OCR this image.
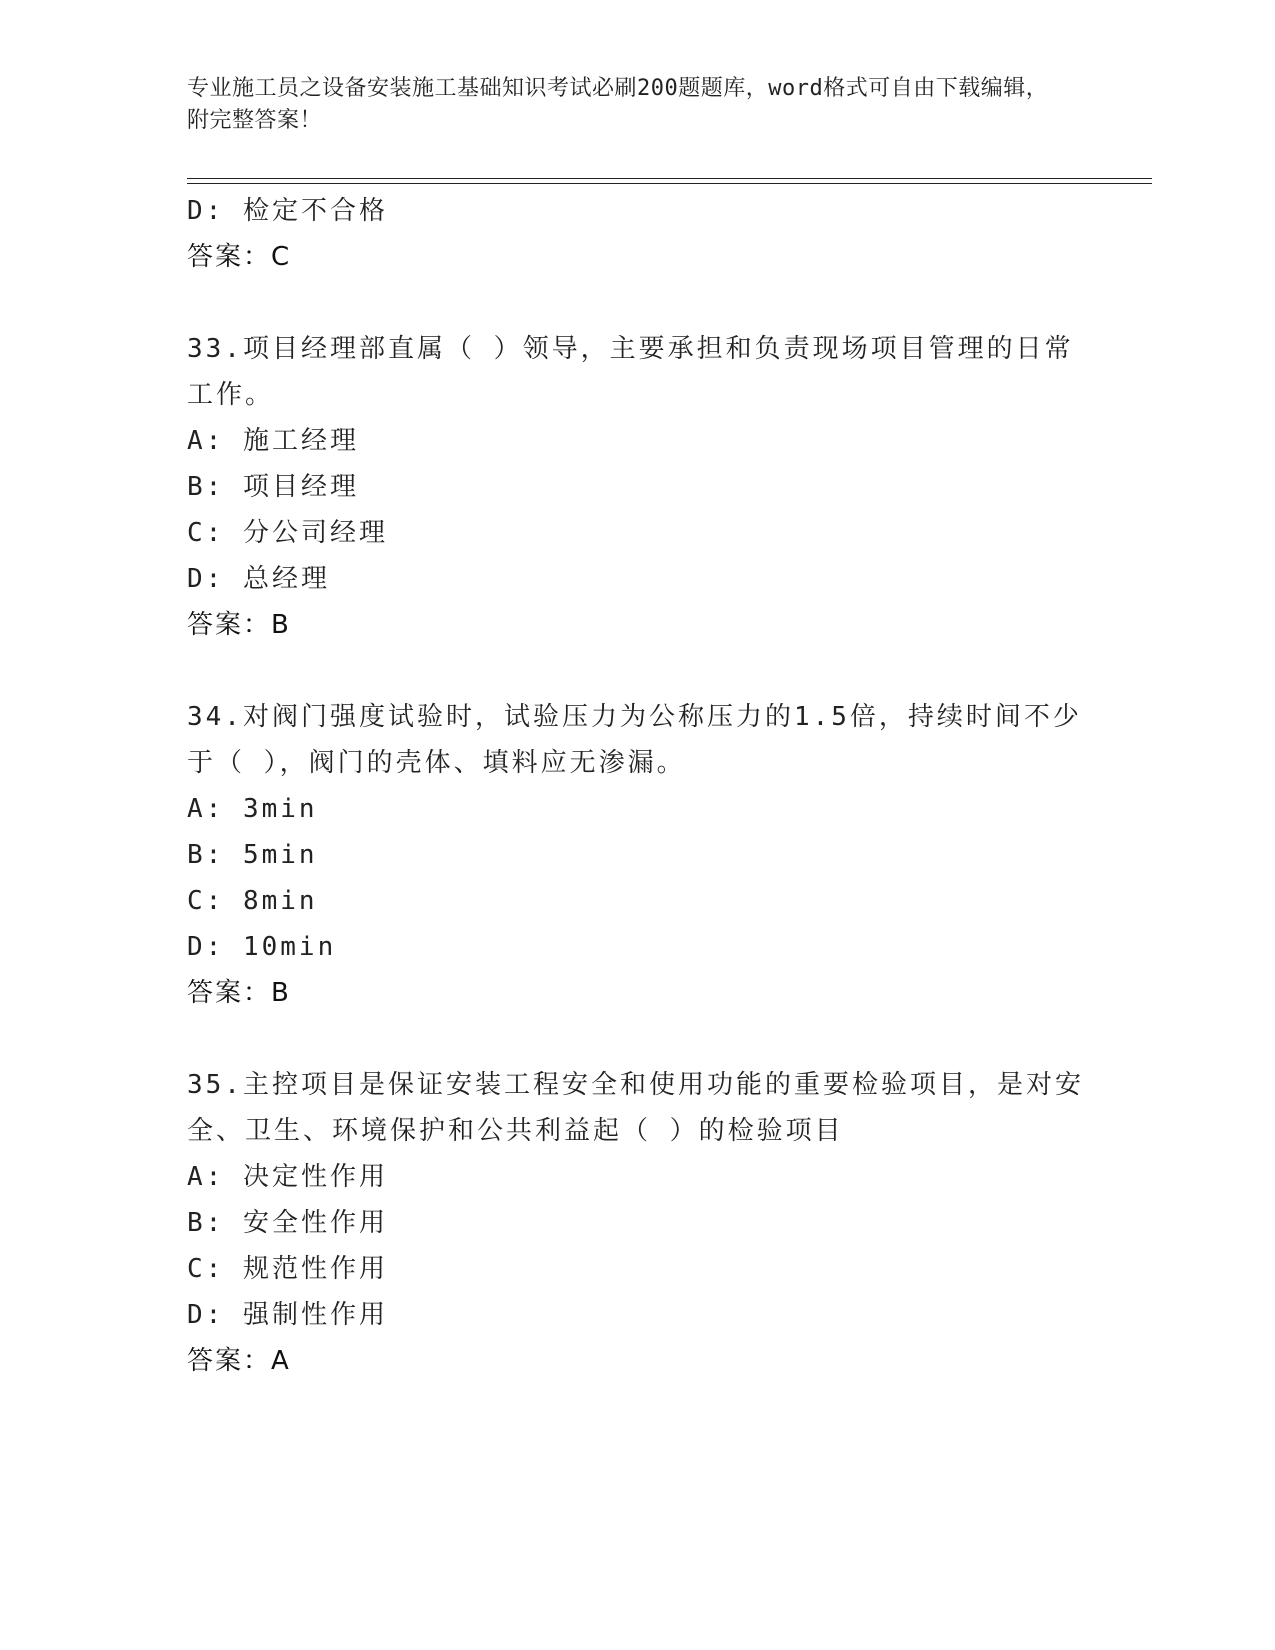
专业施工员之设备安装施工基础知识考试必刷200题题库，word格式可自由下载编辑，附完整答案！
D: 检定不合格
答案：C
33.项目经理部直属（ ）领导，主要承担和负责现场项目管理的日常
工作。
A: 施工经理
B: 项目经理
C: 分公司经理
D: 总经理
答案：B
34.对阀门强度试验时，试验压力为公称压力的1.5倍，持续时间不少
于（ ），阀门的壳体、填料应无渗漏。
A: 3min
B: 5min
C: 8min
D: 10min
答案：B
35.主控项目是保证安装工程安全和使用功能的重要检验项目，是对安
全、卫生、环境保护和公共利益起（ ）的检验项目
A: 决定性作用
B: 安全性作用
C: 规范性作用
D: 强制性作用
答案：A
